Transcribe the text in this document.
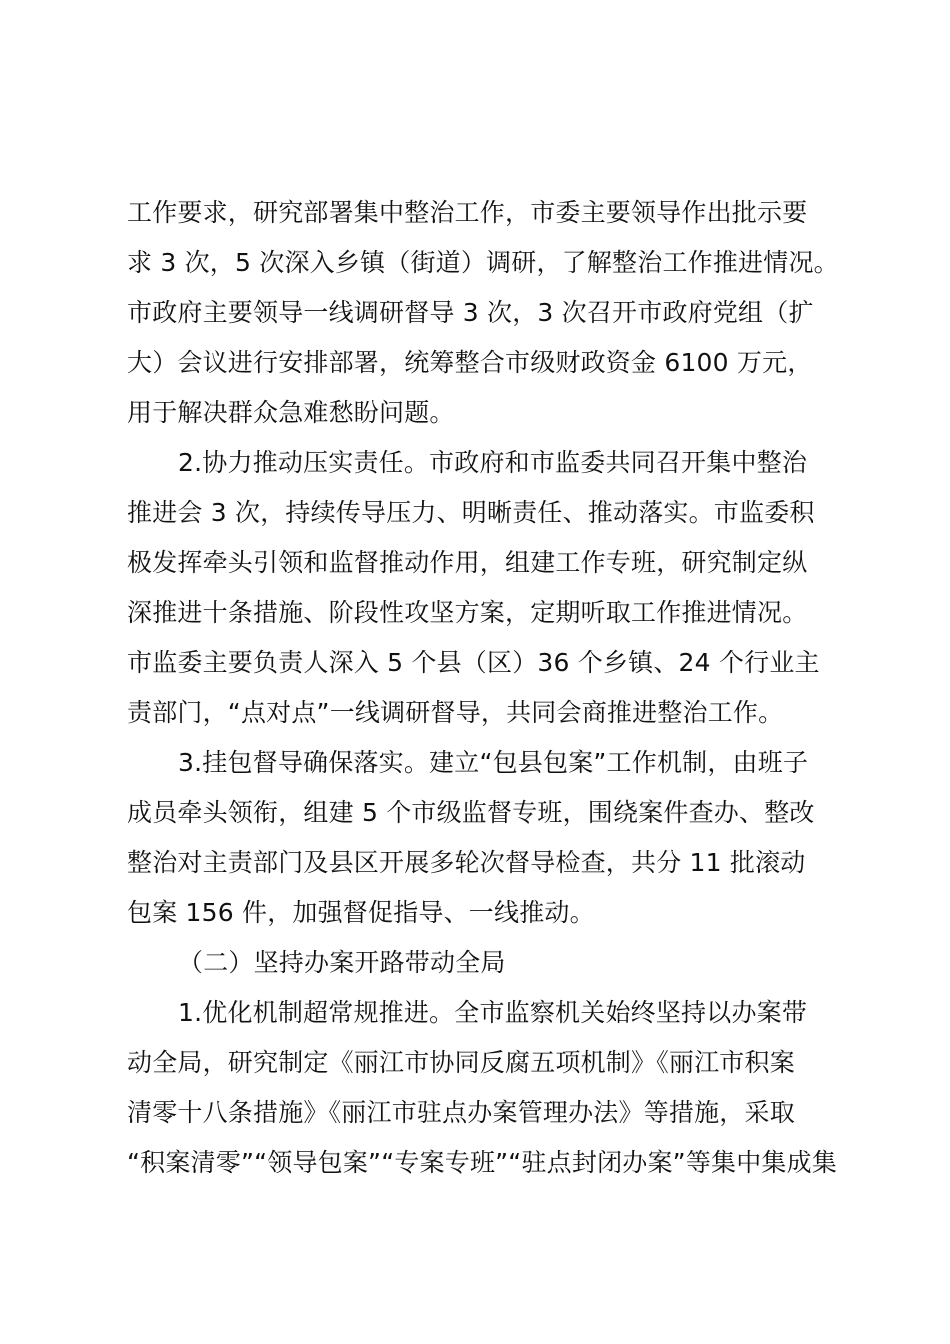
工作要求，研究部署集中整治工作，市委主要领导作出批示要
求 3 次，5 次深入乡镇（街道）调研，了解整治工作推进情况。
市政府主要领导一线调研督导 3 次，3 次召开市政府党组（扩
大）会议进行安排部署，统筹整合市级财政资金 6100 万元，
用于解决群众急难愁盼问题。
2.协力推动压实责任。市政府和市监委共同召开集中整治
推进会 3 次，持续传导压力、明晰责任、推动落实。市监委积
极发挥牵头引领和监督推动作用，组建工作专班，研究制定纵
深推进十条措施、阶段性攻坚方案，定期听取工作推进情况。
市监委主要负责人深入 5 个县（区）36 个乡镇、24 个行业主
责部门，“点对点”一线调研督导，共同会商推进整治工作。
3.挂包督导确保落实。建立“包县包案”工作机制，由班子
成员牵头领衔，组建 5 个市级监督专班，围绕案件查办、整改
整治对主责部门及县区开展多轮次督导检查，共分 11 批滚动
包案 156 件，加强督促指导、一线推动。
（二）坚持办案开路带动全局
1.优化机制超常规推进。全市监察机关始终坚持以办案带
动全局，研究制定《丽江市协同反腐五项机制》《丽江市积案
清零十八条措施》《丽江市驻点办案管理办法》等措施，采取
“积案清零”“领导包案”“专案专班”“驻点封闭办案”等集中集成集
